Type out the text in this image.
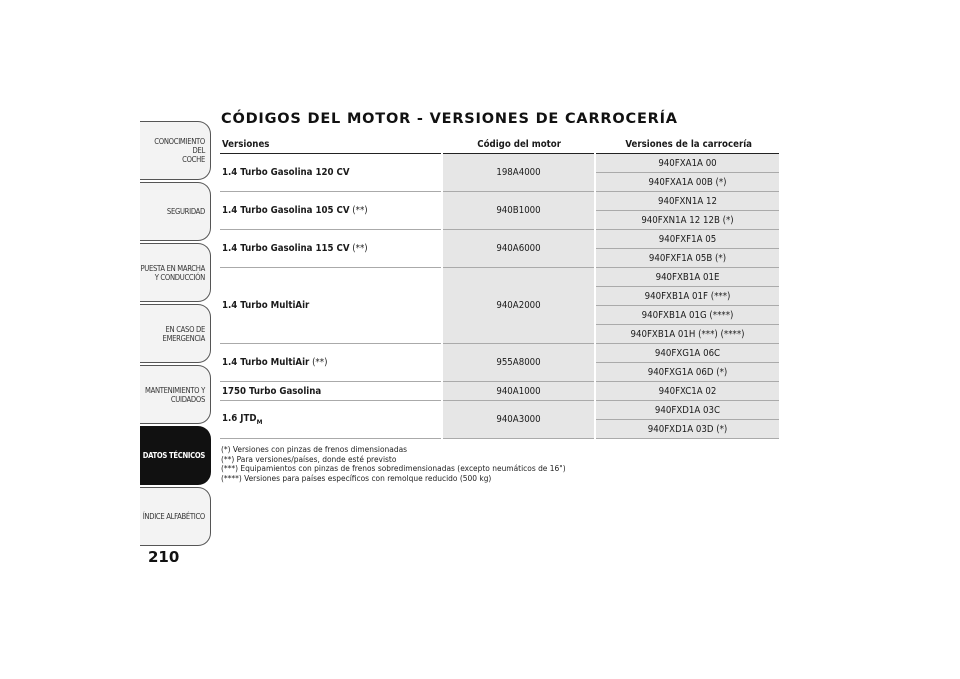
CONOCIMIENTO DEL
COCHE
SEGURIDAD
PUESTA EN MARCHA
Y CONDUCCIÓN
EN CASO DE
EMERGENCIA
MANTENIMIENTO Y
CUIDADOS
DATOS TÉCNICOS
ÍNDICE ALFABÉTICO
210
CÓDIGOS DEL MOTOR - VERSIONES DE CARROCERÍA
Versiones	Código del motor	Versiones de la carrocería
1.4 Turbo Gasolina 120 CV	198A4000	940FXA1A 00
		940FXA1A 00B (*)
1.4 Turbo Gasolina 105 CV (**)	940B1000	940FXN1A 12
		940FXN1A 12 12B (*)
1.4 Turbo Gasolina 115 CV (**)	940A6000	940FXF1A 05
		940FXF1A 05B (*)
1.4 Turbo MultiAir	940A2000	940FXB1A 01E
		940FXB1A 01F (***)
		940FXB1A 01G (****)
		940FXB1A 01H (***) (****)
1.4 Turbo MultiAir (**)	955A8000	940FXG1A 06C
		940FXG1A 06D (*)
1750 Turbo Gasolina	940A1000	940FXC1A 02
1.6 $JTD_M$	940A3000	940FXD1A 03C
		940FXD1A 03D (*)
(*) Versiones con pinzas de frenos dimensionadas
(**) Para versiones/países, donde esté previsto
(***) Equipamientos con pinzas de frenos sobredimensionadas (excepto neumáticos de 16")
(****) Versiones para países específicos con remolque reducido (500 kg)
